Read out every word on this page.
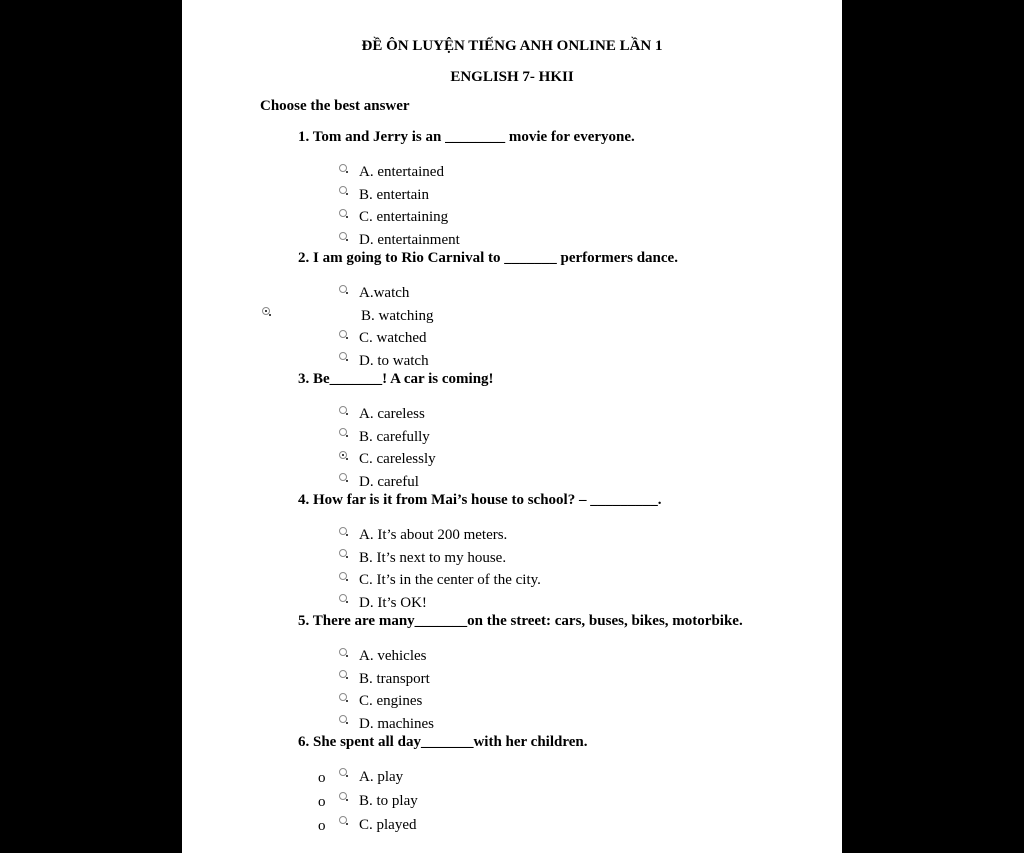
ĐỀ ÔN LUYỆN TIẾNG ANH ONLINE LẦN 1
ENGLISH 7- HKII
Choose the best answer
1. Tom and Jerry is an ________ movie for everyone.
A. entertained
B. entertain
C. entertaining
D. entertainment
2. I am going to Rio Carnival to _______ performers dance.
A.watch
B. watching
C. watched
D. to watch
3. Be_______! A car is coming!
A. careless
B. carefully
C. carelessly
D. careful
4. How far is it from Mai’s house to school? – _________.
A. It’s about 200 meters.
B. It’s next to my house.
C. It’s in the center of the city.
D. It’s OK!
5. There are many_______on the street: cars, buses, bikes, motorbike.
A. vehicles
B. transport
C. engines
D. machines
6. She spent all day_______with her children.
o A. play
o B. to play
o C. played
